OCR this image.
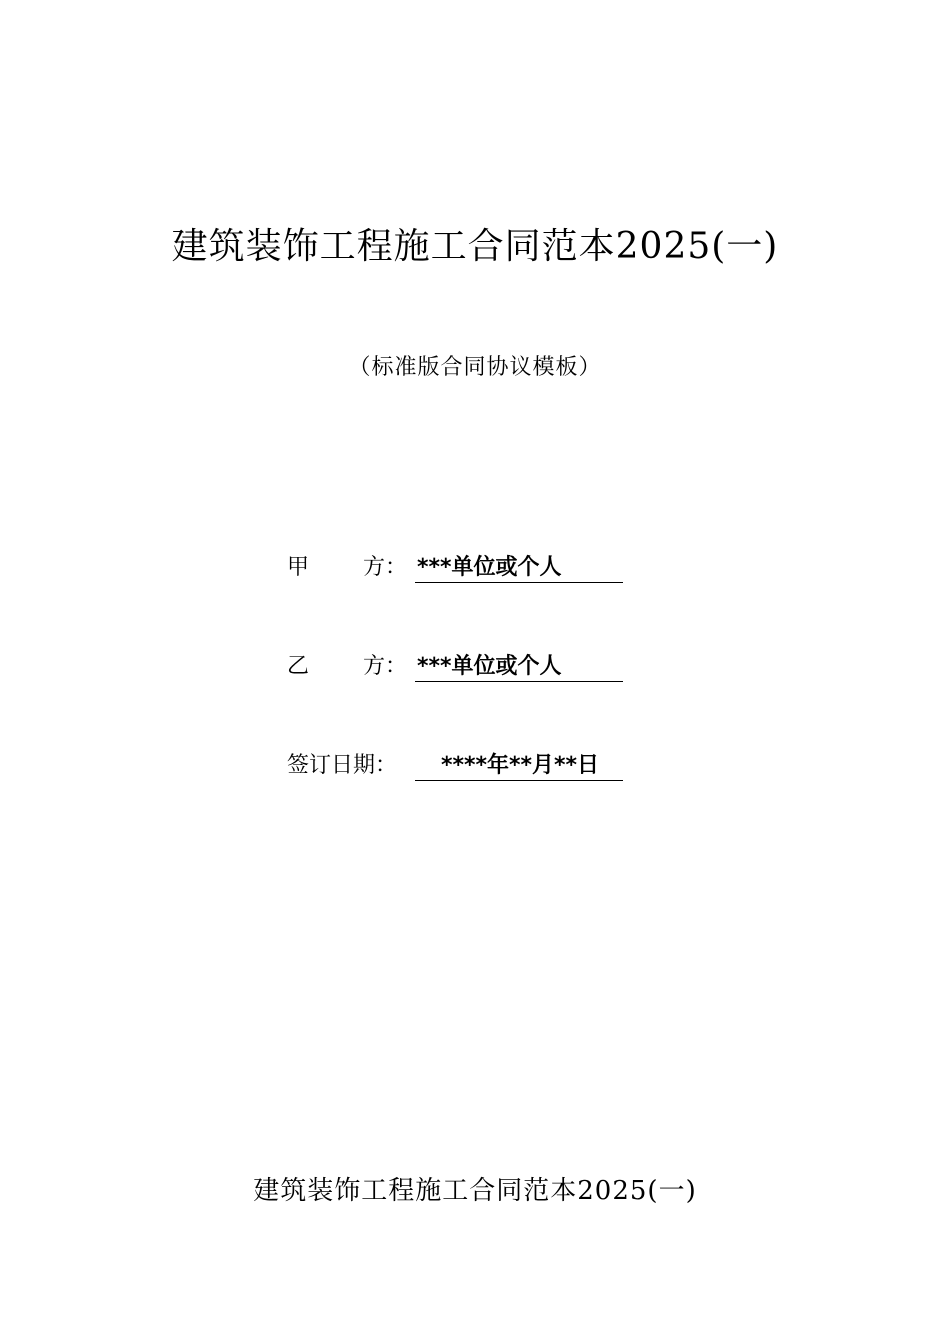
建筑装饰工程施工合同范本2025(一)
（标准版合同协议模板）
甲 方： ***单位或个人
乙 方： ***单位或个人
签订日期：	****年**月**日
建筑装饰工程施工合同范本2025(一)
